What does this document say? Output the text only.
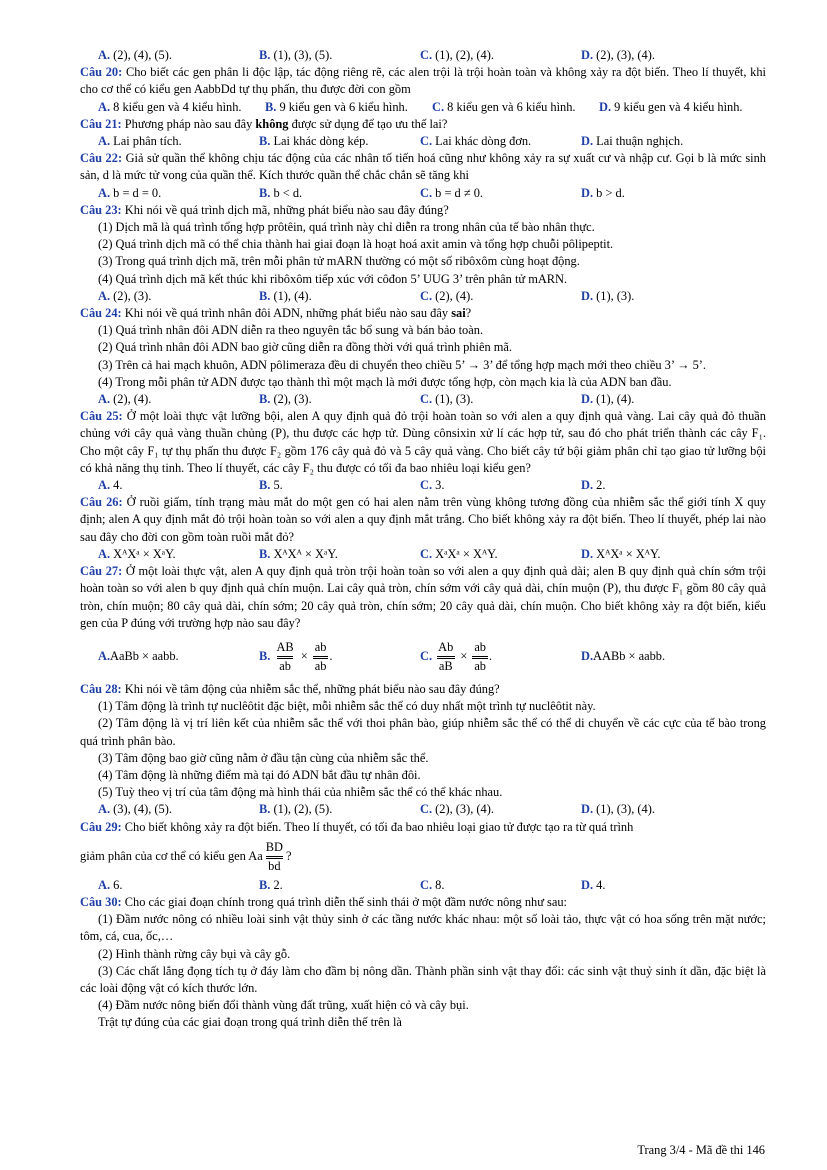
A. (2), (4), (5).	B. (1), (3), (5).	C. (1), (2), (4).	D. (2), (3), (4).

Câu 20: Cho biết các gen phân li độc lập, tác động riêng rẽ, các alen trội là trội hoàn toàn và không xảy ra đột biến. Theo lí thuyết, khi cho cơ thể có kiểu gen AabbDd tự thụ phấn, thu được đời con gồm

A. 8 kiểu gen và 4 kiểu hình.	B. 9 kiểu gen và 6 kiểu hình.	C. 8 kiểu gen và 6 kiểu hình.	D. 9 kiểu gen và 4 kiểu hình.

Câu 21: Phương pháp nào sau đây không được sử dụng để tạo ưu thế lai?

A. Lai phân tích.	B. Lai khác dòng kép.	C. Lai khác dòng đơn.	D. Lai thuận nghịch.

Câu 22: Giả sử quần thể không chịu tác động của các nhân tố tiến hoá cũng như không xảy ra sự xuất cư và nhập cư. Gọi b là mức sinh sản, d là mức tử vong của quần thể. Kích thước quần thể chắc chắn sẽ tăng khi

A. b = d = 0.	B. b < d.	C. b = d ≠ 0.	D. b > d.

Câu 23: Khi nói về quá trình dịch mã, những phát biểu nào sau đây đúng?

(1) Dịch mã là quá trình tổng hợp prôtêin, quá trình này chỉ diễn ra trong nhân của tế bào nhân thực.

(2) Quá trình dịch mã có thể chia thành hai giai đoạn là hoạt hoá axit amin và tổng hợp chuỗi pôlipeptit.

(3) Trong quá trình dịch mã, trên mỗi phân tử mARN thường có một số ribôxôm cùng hoạt động.

(4) Quá trình dịch mã kết thúc khi ribôxôm tiếp xúc với côđon 5’ UUG 3’ trên phân tử mARN.

A. (2), (3).	B. (1), (4).	C. (2), (4).	D. (1), (3).

Câu 24: Khi nói về quá trình nhân đôi ADN, những phát biểu nào sau đây sai?

(1) Quá trình nhân đôi ADN diễn ra theo nguyên tắc bổ sung và bán bảo toàn.

(2) Quá trình nhân đôi ADN bao giờ cũng diễn ra đồng thời với quá trình phiên mã.

(3) Trên cả hai mạch khuôn, ADN pôlimeraza đều di chuyển theo chiều 5’ → 3’ để tổng hợp mạch mới theo chiều 3’ → 5’.

(4) Trong mỗi phân tử ADN được tạo thành thì một mạch là mới được tổng hợp, còn mạch kia là của ADN ban đầu.

A. (2), (4).	B. (2), (3).	C. (1), (3).	D. (1), (4).

Câu 25: Ở một loài thực vật lưỡng bội, alen A quy định quả đỏ trội hoàn toàn so với alen a quy định quả vàng. Lai cây quả đỏ thuần chủng với cây quả vàng thuần chủng (P), thu được các hợp tử. Dùng cônsixin xử lí các hợp tử, sau đó cho phát triển thành các cây F₁. Cho một cây F₁ tự thụ phấn thu được F₂ gồm 176 cây quả đỏ và 5 cây quả vàng. Cho biết cây tứ bội giảm phân chỉ tạo giao tử lưỡng bội có khả năng thụ tinh. Theo lí thuyết, các cây F₂ thu được có tối đa bao nhiêu loại kiểu gen?

A. 4.	B. 5.	C. 3.	D. 2.

Câu 26: Ở ruồi giấm, tính trạng màu mắt do một gen có hai alen nằm trên vùng không tương đồng của nhiễm sắc thể giới tính X quy định; alen A quy định mắt đỏ trội hoàn toàn so với alen a quy định mắt trắng. Cho biết không xảy ra đột biến. Theo lí thuyết, phép lai nào sau đây cho đời con gồm toàn ruồi mắt đỏ?

A. XᴬXᵃ × XᵃY.	B. XᴬXᴬ × XᵃY.	C. XᵃXᵃ × XᴬY.	D. XᴬXᵃ × XᴬY.

Câu 27: Ở một loài thực vật, alen A quy định quả tròn trội hoàn toàn so với alen a quy định quả dài; alen B quy định quả chín sớm trội hoàn toàn so với alen b quy định quả chín muộn. Lai cây quả tròn, chín sớm với cây quả dài, chín muộn (P), thu được F₁ gồm 80 cây quả tròn, chín muộn; 80 cây quả dài, chín sớm; 20 cây quả tròn, chín sớm; 20 cây quả dài, chín muộn. Cho biết không xảy ra đột biến, kiểu gen của P đúng với trường hợp nào sau đây?

A. AaBb × aabb.	B.
$\frac{AB}{ab} \times \frac{ab}{ab}$ .	C.
$\frac{Ab}{aB} \times \frac{ab}{ab}$ .	D. AABb × aabb.

Câu 28: Khi nói về tâm động của nhiễm sắc thể, những phát biểu nào sau đây đúng?

(1) Tâm động là trình tự nuclêôtit đặc biệt, mỗi nhiễm sắc thể có duy nhất một trình tự nuclêôtit này.

(2) Tâm động là vị trí liên kết của nhiễm sắc thể với thoi phân bào, giúp nhiễm sắc thể có thể di chuyển về các cực của tế bào trong quá trình phân bào.

(3) Tâm động bao giờ cũng nằm ở đầu tận cùng của nhiễm sắc thể.

(4) Tâm động là những điểm mà tại đó ADN bắt đầu tự nhân đôi.

(5) Tuỳ theo vị trí của tâm động mà hình thái của nhiễm sắc thể có thể khác nhau.

A. (3), (4), (5).	B. (1), (2), (5).	C. (2), (3), (4).	D. (1), (3), (4).

Câu 29: Cho biết không xảy ra đột biến. Theo lí thuyết, có tối đa bao nhiêu loại giao tử được tạo ra từ quá trình

giảm phân của cơ thể có kiểu gen Aa $\frac{BD}{bd}$ ?
A. 6.	B. 2.	C. 8.	D. 4.

Câu 30: Cho các giai đoạn chính trong quá trình diễn thế sinh thái ở một đầm nước nông như sau:

(1) Đầm nước nông có nhiều loài sinh vật thủy sinh ở các tầng nước khác nhau: một số loài tảo, thực vật có hoa sống trên mặt nước; tôm, cá, cua, ốc,…

(2) Hình thành rừng cây bụi và cây gỗ.

(3) Các chất lắng đọng tích tụ ở đáy làm cho đầm bị nông dần. Thành phần sinh vật thay đổi: các sinh vật thuỷ sinh ít dần, đặc biệt là các loài động vật có kích thước lớn.

(4) Đầm nước nông biến đổi thành vùng đất trũng, xuất hiện cỏ và cây bụi.

Trật tự đúng của các giai đoạn trong quá trình diễn thế trên là

Trang 3/4 - Mã đề thi 146
